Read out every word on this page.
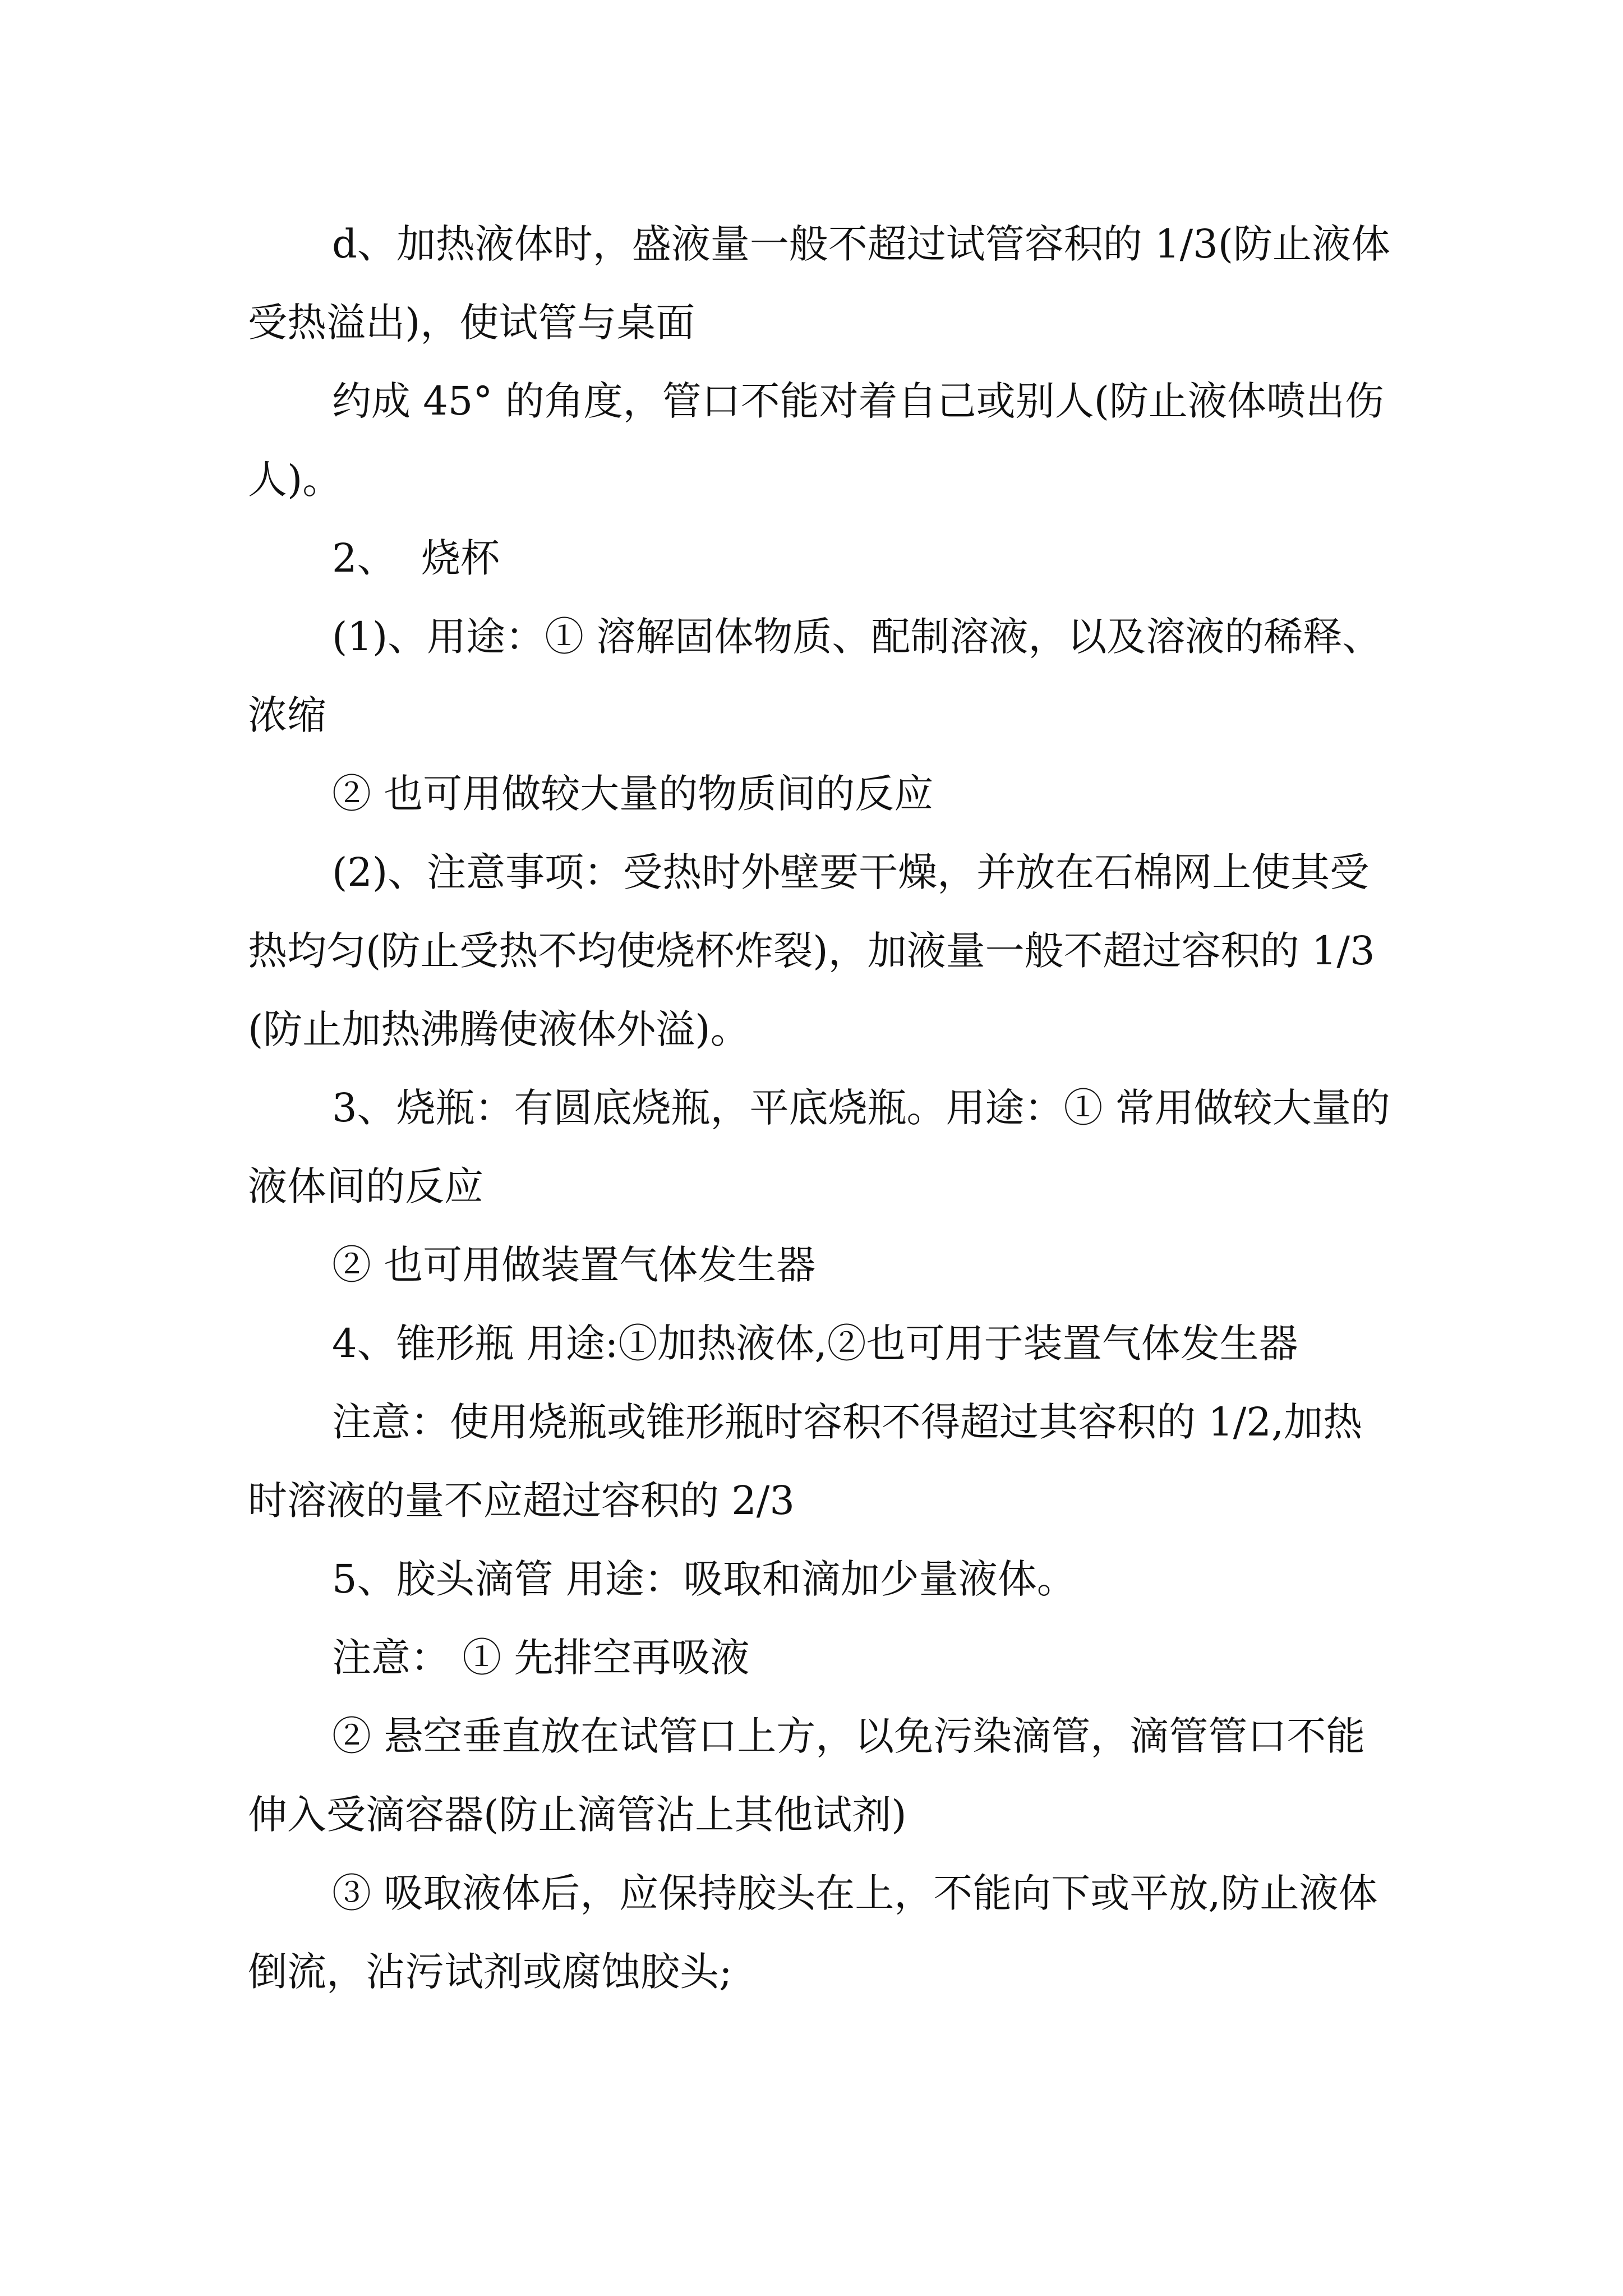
d、加热液体时，盛液量一般不超过试管容积的 1/3(防止液体受热溢出)，使试管与桌面

约成 45° 的角度，管口不能对着自己或别人(防止液体喷出伤人)。

2、  烧杯

(1)、用途：① 溶解固体物质、配制溶液，以及溶液的稀释、浓缩

② 也可用做较大量的物质间的反应

(2)、注意事项：受热时外壁要干燥，并放在石棉网上使其受热均匀(防止受热不均使烧杯炸裂)，加液量一般不超过容积的 1/3(防止加热沸腾使液体外溢)。

3、烧瓶：有圆底烧瓶，平底烧瓶。用途：① 常用做较大量的液体间的反应

② 也可用做装置气体发生器

4、锥形瓶 用途:①加热液体,②也可用于装置气体发生器

注意：使用烧瓶或锥形瓶时容积不得超过其容积的 1/2,加热时溶液的量不应超过容积的 2/3

5、胶头滴管 用途：吸取和滴加少量液体。

注意： ① 先排空再吸液

② 悬空垂直放在试管口上方，以免污染滴管，滴管管口不能伸入受滴容器(防止滴管沾上其他试剂)

③ 吸取液体后，应保持胶头在上，不能向下或平放,防止液体倒流，沾污试剂或腐蚀胶头;
